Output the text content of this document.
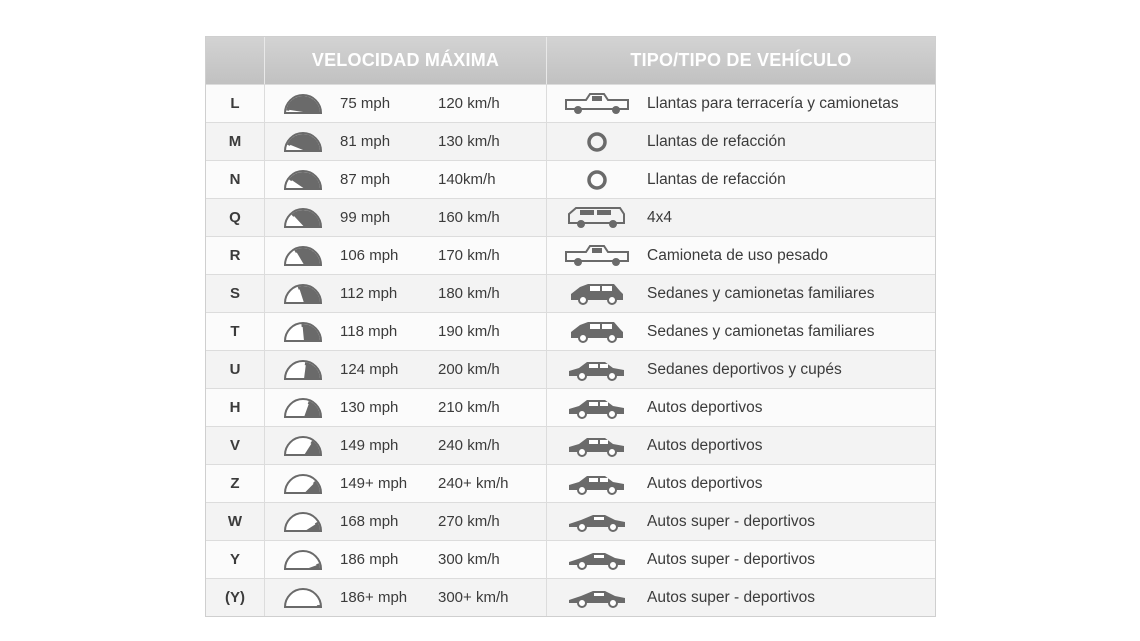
VELOCIDAD MÁXIMA	TIPO/TIPO DE VEHÍCULO
L	75 mph	120 km/h	Llantas para terracería y camionetas
M	81 mph	130 km/h	Llantas de refacción
N	87 mph	140km/h	Llantas de refacción
Q	99 mph	160 km/h	4x4
R	106 mph	170 km/h	Camioneta de uso pesado
S	112 mph	180 km/h	Sedanes y camionetas familiares
T	118 mph	190 km/h	Sedanes y camionetas familiares
U	124 mph	200 km/h	Sedanes deportivos y cupés
H	130 mph	210 km/h	Autos deportivos
V	149 mph	240 km/h	Autos deportivos
Z	149+ mph	240+ km/h	Autos deportivos
W	168 mph	270 km/h	Autos super - deportivos
Y	186 mph	300 km/h	Autos super - deportivos
(Y)	186+ mph	300+ km/h	Autos super - deportivos
